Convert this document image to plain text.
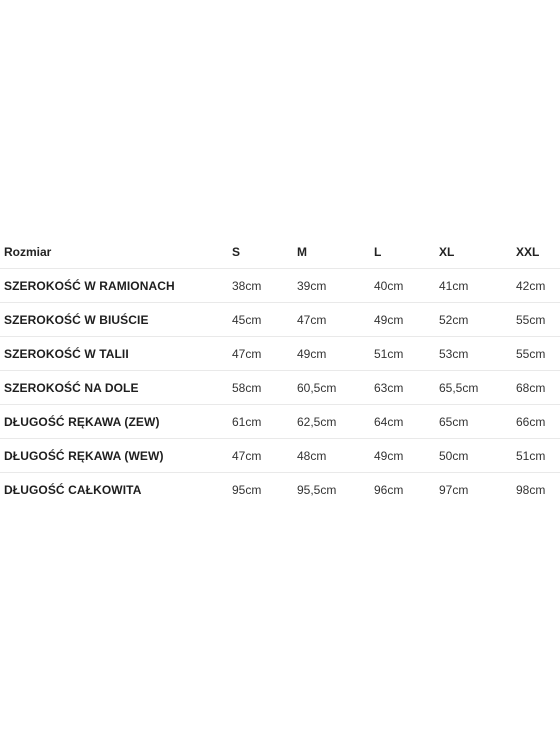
Rozmiar	S	M	L	XL	XXL
SZEROKOŚĆ W RAMIONACH	38cm	39cm	40cm	41cm	42cm
SZEROKOŚĆ W BIUŚCIE	45cm	47cm	49cm	52cm	55cm
SZEROKOŚĆ W TALII	47cm	49cm	51cm	53cm	55cm
SZEROKOŚĆ NA DOLE	58cm	60,5cm	63cm	65,5cm	68cm
DŁUGOŚĆ RĘKAWA (ZEW)	61cm	62,5cm	64cm	65cm	66cm
DŁUGOŚĆ RĘKAWA (WEW)	47cm	48cm	49cm	50cm	51cm
DŁUGOŚĆ CAŁKOWITA	95cm	95,5cm	96cm	97cm	98cm
